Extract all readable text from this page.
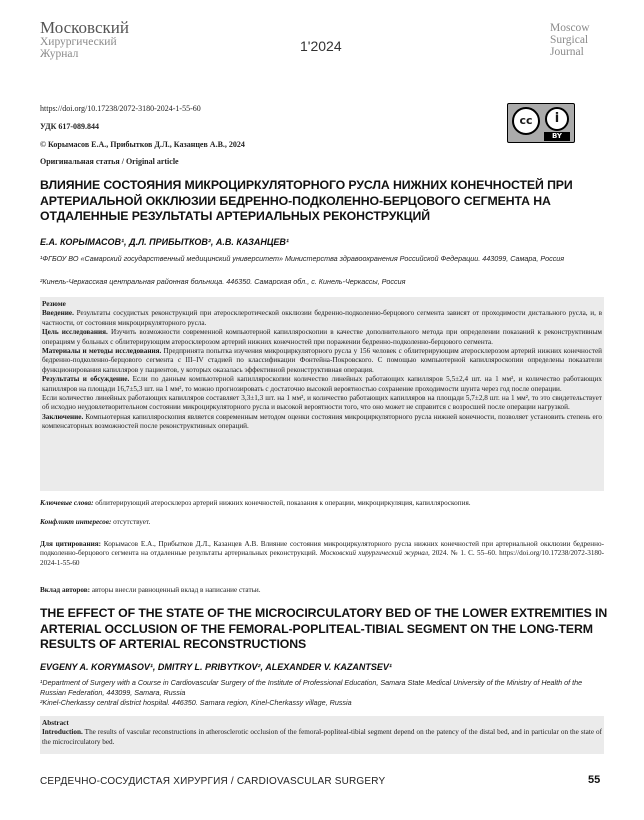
Московский
Хирургический
Журнал	1'2024
Moscow
Surgical
Journal
https://doi.org/10.17238/2072-3180-2024-1-55-60
УДК 617-089.844
© Корымасов Е.А., Прибытков Д.Л., Казанцев А.В., 2024
Оригинальная статья / Original article
cc	i
BY
ВЛИЯНИЕ СОСТОЯНИЯ МИКРОЦИРКУЛЯТОРНОГО РУСЛА НИЖНИХ КОНЕЧНОСТЕЙ ПРИ АРТЕРИАЛЬНОЙ ОККЛЮЗИИ БЕДРЕННО-ПОДКОЛЕННО-БЕРЦОВОГО СЕГМЕНТА НА ОТДАЛЕННЫЕ РЕЗУЛЬТАТЫ АРТЕРИАЛЬНЫХ РЕКОНСТРУКЦИЙ
Е.А. КОРЫМАСОВ¹, Д.Л. ПРИБЫТКОВ², А.В. КАЗАНЦЕВ¹
¹ФГБОУ ВО «Самарский государственный медицинский университет» Министерства здравоохранения Российской Федерации. 443099, Самара, Россия
²Кинель-Черкасская центральная районная больница. 446350. Самарская обл., с. Кинель-Черкассы, Россия

Резюме

Введение. Результаты сосудистых реконструкций при атеросклеротической окклюзии бедренно-подколенно-берцового сегмента зависят от проходимости дистального русла, и, в частности, от состояния микроциркуляторного русла.

Цель исследования. Изучить возможности современной компьютерной капилляроскопии в качестве дополнительного метода при определении показаний к реконструктивным операциям у больных с облитерирующим атеросклерозом артерий нижних конечностей при поражении бедренно-подколенно-берцового сегмента.

Материалы и методы исследования. Предпринята попытка изучения микроциркуляторного русла у 156 человек с облитерирующим атеросклерозом артерий нижних конечностей бедренно-подколенно-берцового сегмента с III–IV стадией по классификации Фонтейна-Покровского. С помощью компьютерной капилляроскопии определены показатели функционирования капилляров у пациентов, у которых оказалась эффективной реконструктивная операция.

Результаты и обсуждение. Если по данным компьютерной капилляроскопии количество линейных работающих капилляров 5,5±2,4 шт. на 1 мм², и количество работающих капилляров на площади 16,7±5,3 шт. на 1 мм², то можно прогнозировать с достаточно высокой вероятностью сохранение проходимости шунта через год после операции.

Если количество линейных работающих капилляров составляет 3,3±1,3 шт. на 1 мм², и количество работающих капилляров на площади 5,7±2,8 шт. на 1 мм², то это свидетельствует об исходно неудовлетворительном состоянии микроциркуляторного русла и высокой вероятности того, что оно может не справится с возросшей после операции нагрузкой.

Заключение. Компьютерная капилляроскопия является современным методом оценки состояния микроциркуляторного русла нижней конечности, позволяет установить степень его компенсаторных возможностей после реконструктивных операций.

Ключевые слова: облитерирующий атеросклероз артерий нижних конечностей, показания к операции, микроциркуляция, капилляроскопия.
Конфликт интересов: отсутствует.
Для цитирования: Корымасов Е.А., Прибытков Д.Л., Казанцев А.В. Влияние состояния микроциркуляторного русла нижних конечностей при артериальной окклюзии бедренно-подколенно-берцового сегмента на отдаленные результаты артериальных реконструкций. Московский хирургический журнал, 2024. № 1. С. 55–60. https://doi.org/10.17238/2072-3180-2024-1-55-60
Вклад авторов: авторы внесли равноценный вклад в написание статьи.
THE EFFECT OF THE STATE OF THE MICROCIRCULATORY BED OF THE LOWER EXTREMITIES IN ARTERIAL OCCLUSION OF THE FEMORAL-POPLITEAL-TIBIAL SEGMENT ON THE LONG-TERM RESULTS OF ARTERIAL RECONSTRUCTIONS
EVGENY A. KORYMASOV¹, DMITRY L. PRIBYTKOV², ALEXANDER V. KAZANTSEV¹
¹Department of Surgery with a Course in Cardiovascular Surgery of the Institute of Professional Education, Samara State Medical University of the Ministry of Health of the Russian Federation, 443099, Samara, Russia
²Kinel-Cherkassy central district hospital. 446350. Samara region, Kinel-Cherkassy village, Russia

Abstract

Introduction. The results of vascular reconstructions in atherosclerotic occlusion of the femoral-popliteal-tibial segment depend on the patency of the distal bed, and in particular on the state of the microcirculatory bed.

СЕРДЕЧНО-СОСУДИСТАЯ ХИРУРГИЯ / CARDIOVASCULAR SURGERY	55
